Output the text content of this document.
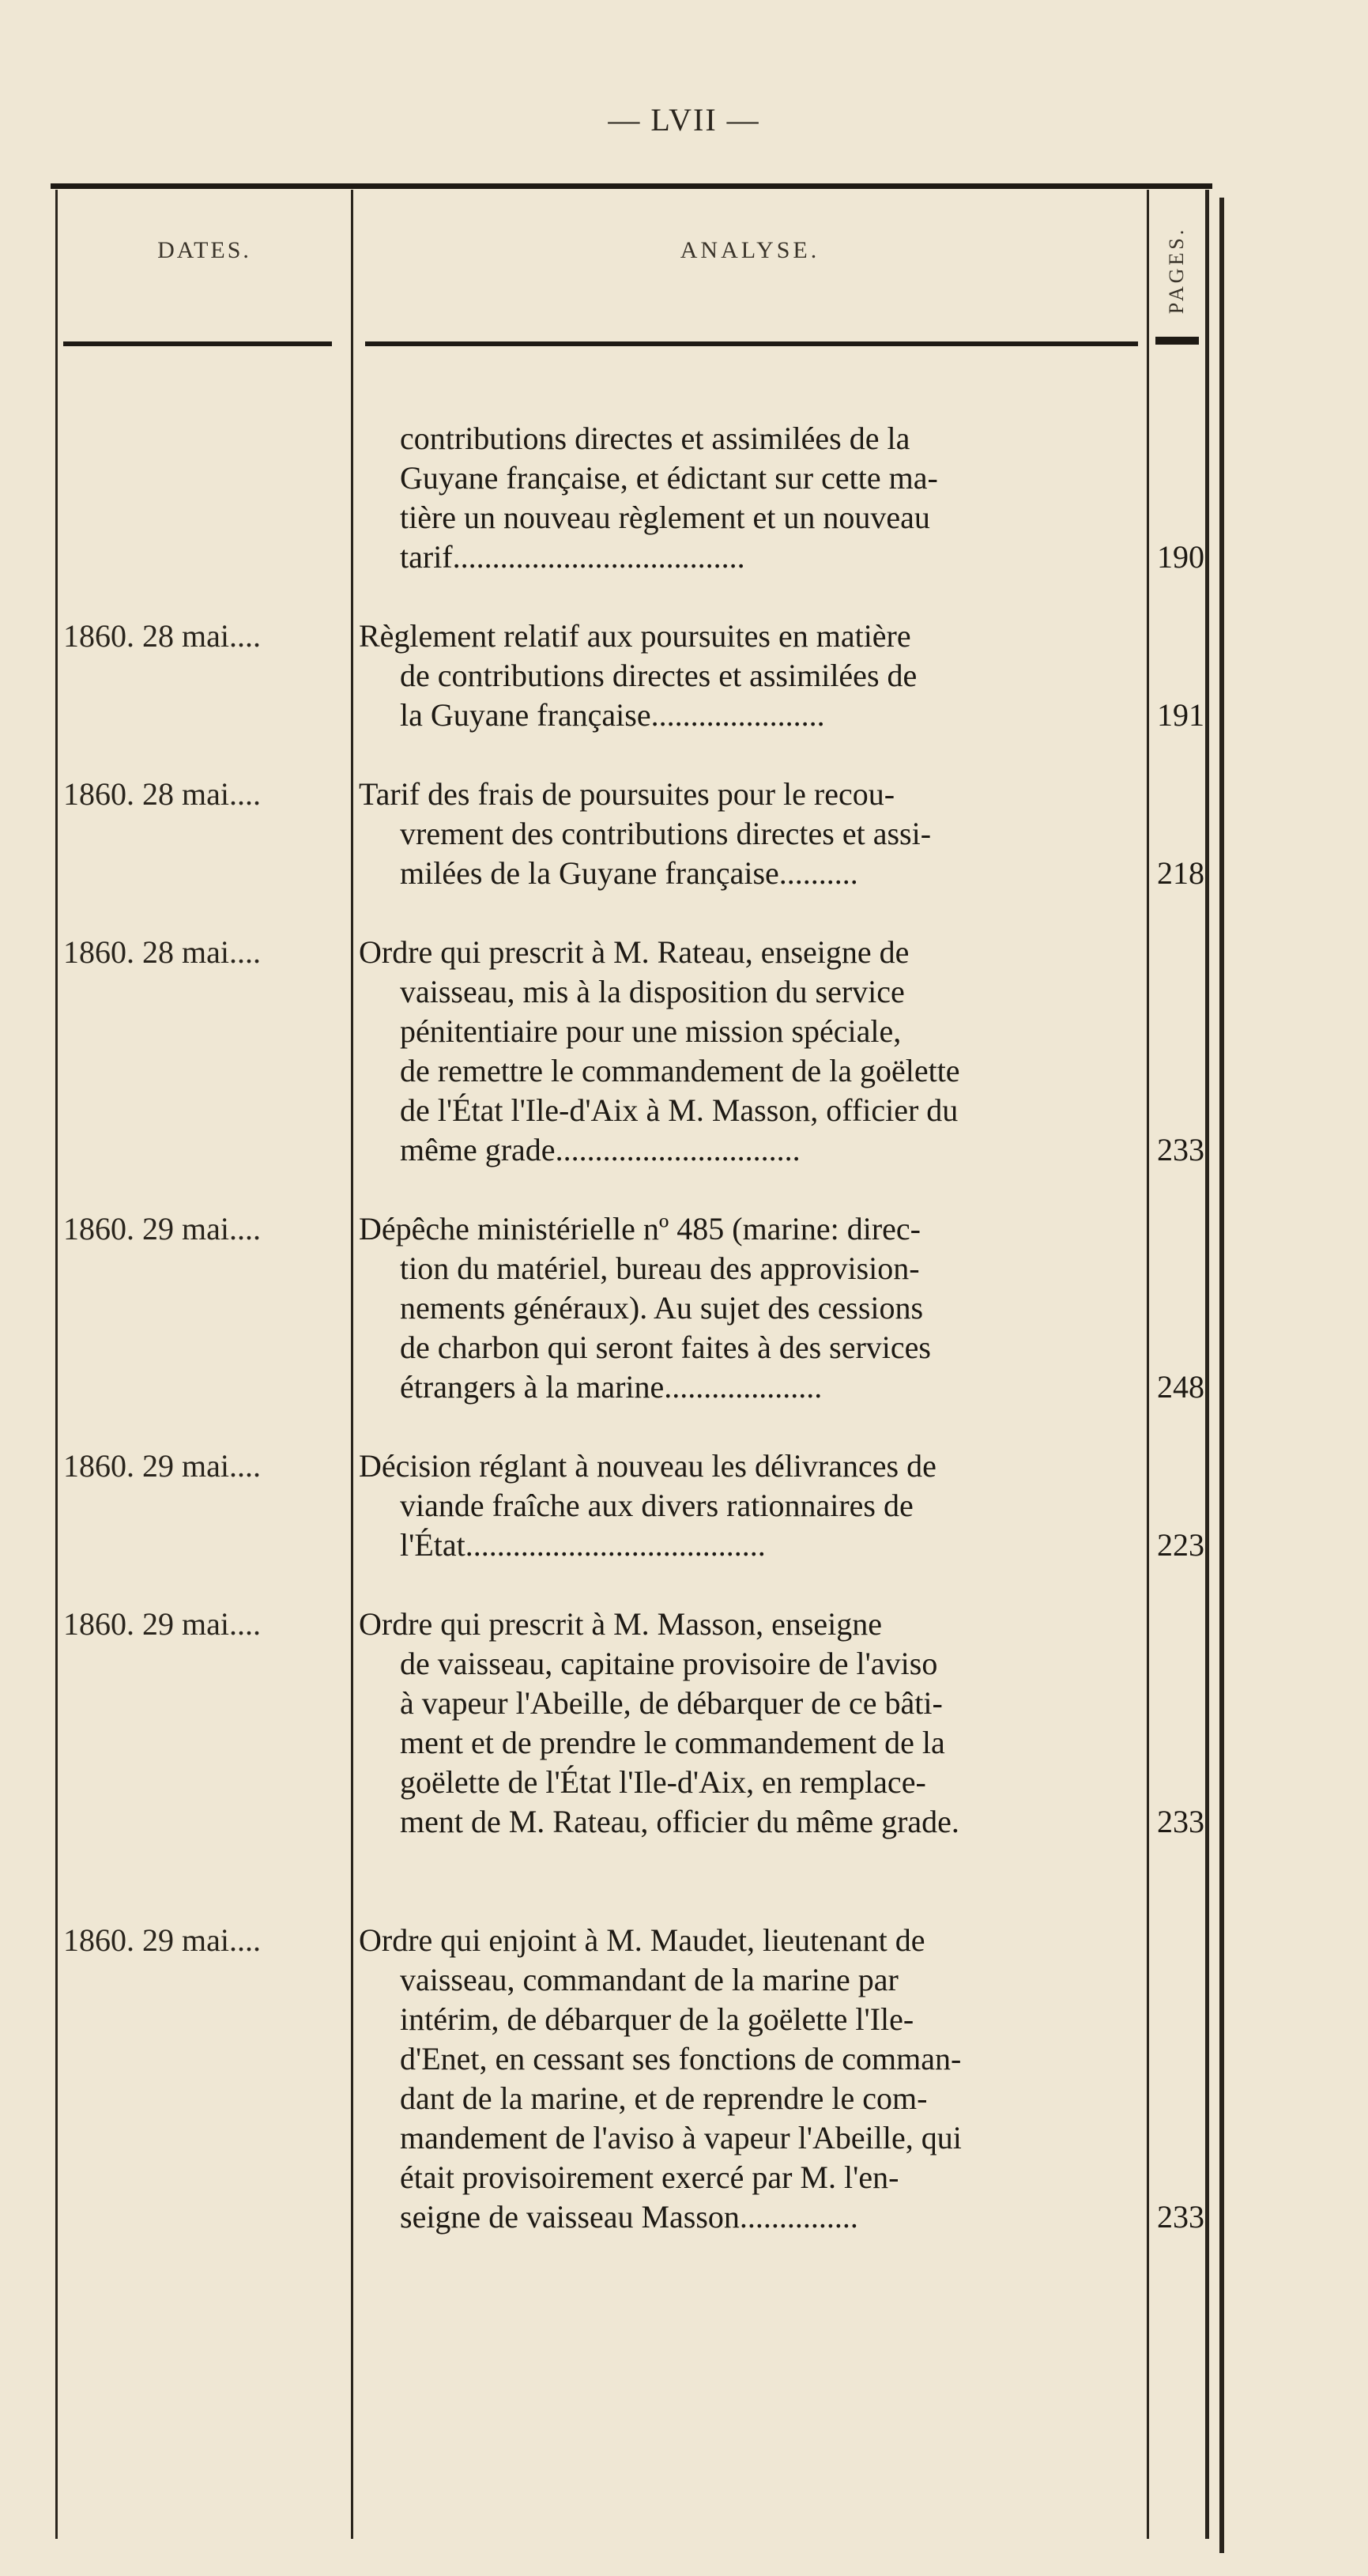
— LVII —
DATES.	ANALYSE.	PAGES.
contributions directes et assimilées de la
Guyane française, et édictant sur cette ma-
tière un nouveau règlement et un nouveau
tarif.....................................	190
1860. 28 mai....	Règlement relatif aux poursuites en matière
de contributions directes et assimilées de
la Guyane française......................	191
1860. 28 mai....	Tarif des frais de poursuites pour le recou-
vrement des contributions directes et assi-
milées de la Guyane française..........	218
1860. 28 mai....	Ordre qui prescrit à M. Rateau, enseigne de
vaisseau, mis à la disposition du service
pénitentiaire pour une mission spéciale,
de remettre le commandement de la goëlette
de l'État l'Ile-d'Aix à M. Masson, officier du
même grade...............................	233
1860. 29 mai....	Dépêche ministérielle nº 485 (marine: direc-
tion du matériel, bureau des approvision-
nements généraux). Au sujet des cessions
de charbon qui seront faites à des services
étrangers à la marine....................	248
1860. 29 mai....	Décision réglant à nouveau les délivrances de
viande fraîche aux divers rationnaires de
l'État......................................	223
1860. 29 mai....	Ordre qui prescrit à M. Masson, enseigne
de vaisseau, capitaine provisoire de l'aviso
à vapeur l'Abeille, de débarquer de ce bâti-
ment et de prendre le commandement de la
goëlette de l'État l'Ile-d'Aix, en remplace-
ment de M. Rateau, officier du même grade.	233
1860. 29 mai....	Ordre qui enjoint à M. Maudet, lieutenant de
vaisseau, commandant de la marine par
intérim, de débarquer de la goëlette l'Ile-
d'Enet, en cessant ses fonctions de comman-
dant de la marine, et de reprendre le com-
mandement de l'aviso à vapeur l'Abeille, qui
était provisoirement exercé par M. l'en-
seigne de vaisseau Masson...............	233
